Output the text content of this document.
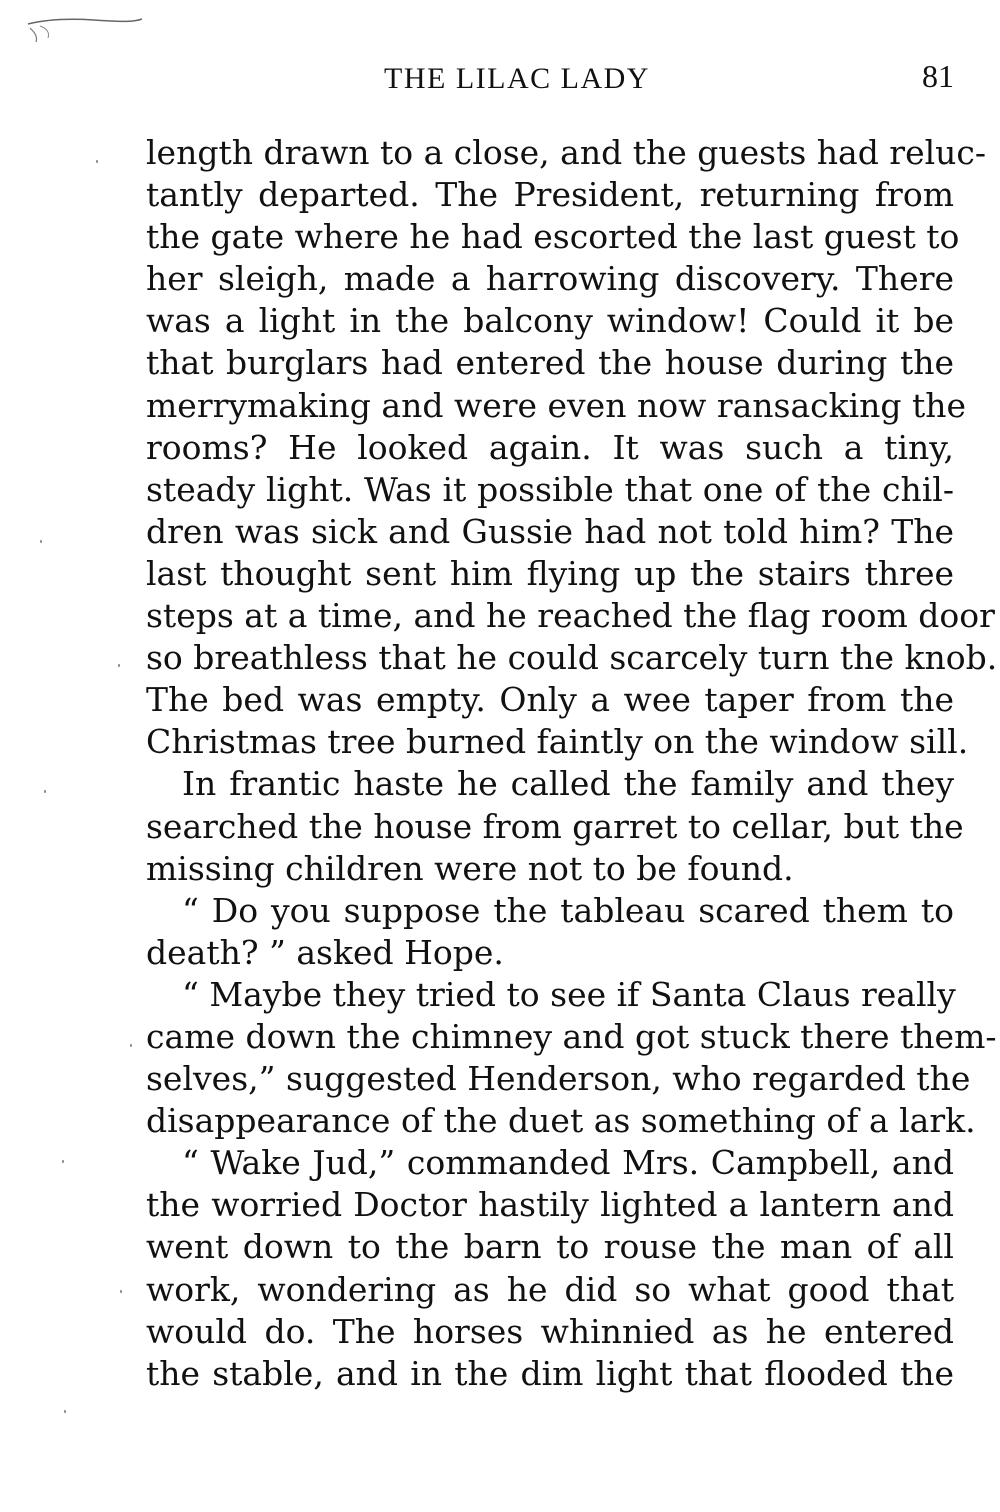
THE LILAC LADY	81
length drawn to a close, and the guests had reluc-
tantly departed. The President, returning from
the gate where he had escorted the last guest to
her sleigh, made a harrowing discovery. There
was a light in the balcony window! Could it be
that burglars had entered the house during the
merrymaking and were even now ransacking the
rooms? He looked again. It was such a tiny,
steady light. Was it possible that one of the chil-
dren was sick and Gussie had not told him? The
last thought sent him flying up the stairs three
steps at a time, and he reached the flag room door
so breathless that he could scarcely turn the knob.
The bed was empty. Only a wee taper from the
Christmas tree burned faintly on the window sill.
In frantic haste he called the family and they
searched the house from garret to cellar, but the
missing children were not to be found.
“ Do you suppose the tableau scared them to
death? ” asked Hope.
“ Maybe they tried to see if Santa Claus really
came down the chimney and got stuck there them-
selves,” suggested Henderson, who regarded the
disappearance of the duet as something of a lark.
“ Wake Jud,” commanded Mrs. Campbell, and
the worried Doctor hastily lighted a lantern and
went down to the barn to rouse the man of all
work, wondering as he did so what good that
would do. The horses whinnied as he entered
the stable, and in the dim light that flooded the
